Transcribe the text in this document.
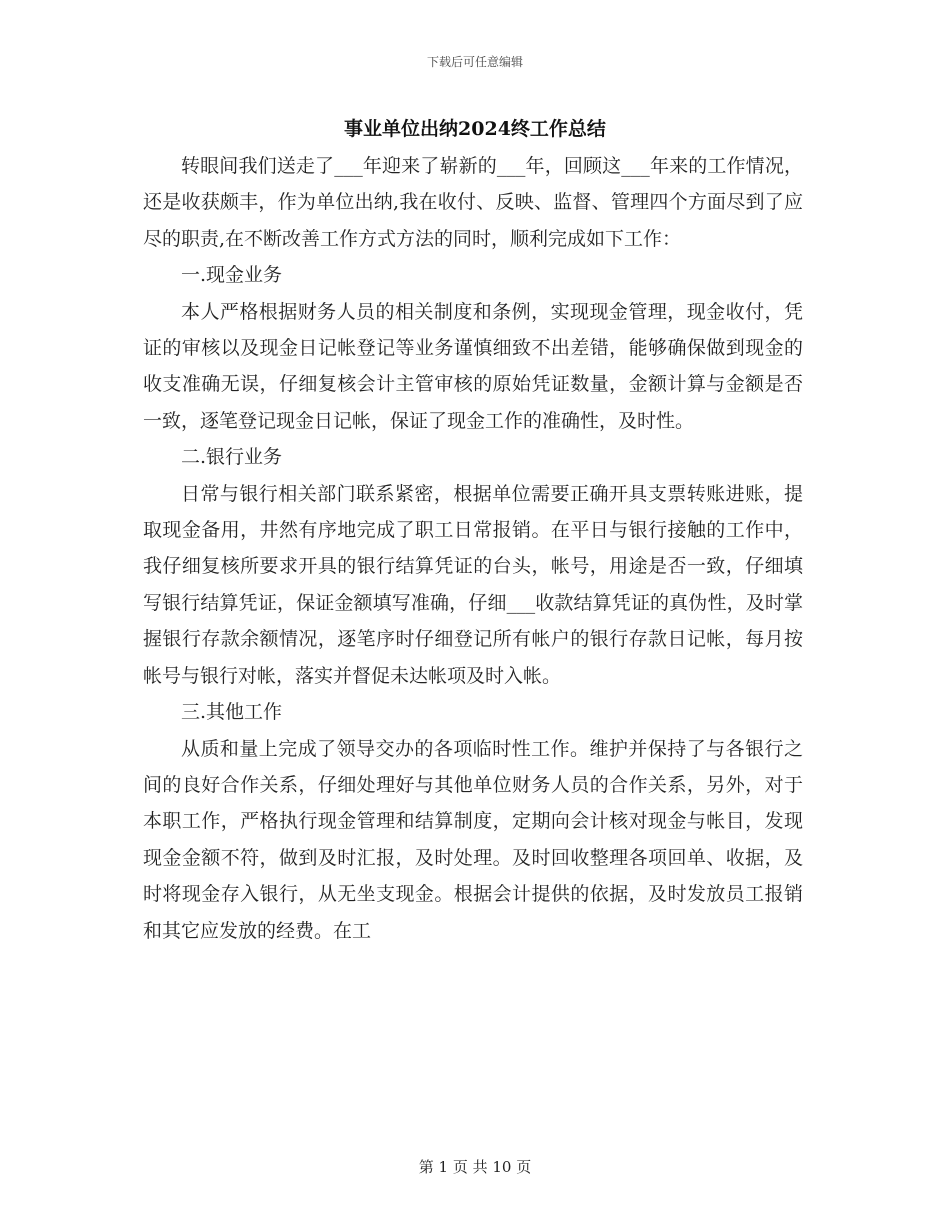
下载后可任意编辑
事业单位出纳2024终工作总结

转眼间我们送走了___年迎来了崭新的___年，回顾这___年来的工作情况，还是收获颇丰，作为单位出纳,我在收付、反映、监督、管理四个方面尽到了应尽的职责,在不断改善工作方式方法的同时，顺利完成如下工作：

一.现金业务

本人严格根据财务人员的相关制度和条例，实现现金管理，现金收付，凭证的审核以及现金日记帐登记等业务谨慎细致不出差错，能够确保做到现金的收支准确无误，仔细复核会计主管审核的原始凭证数量，金额计算与金额是否一致，逐笔登记现金日记帐，保证了现金工作的准确性，及时性。

二.银行业务

日常与银行相关部门联系紧密，根据单位需要正确开具支票转账进账，提取现金备用，井然有序地完成了职工日常报销。在平日与银行接触的工作中，我仔细复核所要求开具的银行结算凭证的台头，帐号，用途是否一致，仔细填写银行结算凭证，保证金额填写准确，仔细___收款结算凭证的真伪性，及时掌握银行存款余额情况，逐笔序时仔细登记所有帐户的银行存款日记帐，每月按帐号与银行对帐，落实并督促未达帐项及时入帐。

三.其他工作

从质和量上完成了领导交办的各项临时性工作。维护并保持了与各银行之间的良好合作关系，仔细处理好与其他单位财务人员的合作关系，另外，对于本职工作，严格执行现金管理和结算制度，定期向会计核对现金与帐目，发现现金金额不符，做到及时汇报，及时处理。及时回收整理各项回单、收据，及时将现金存入银行，从无坐支现金。根据会计提供的依据，及时发放员工报销和其它应发放的经费。在工

第 1 页 共 10 页
